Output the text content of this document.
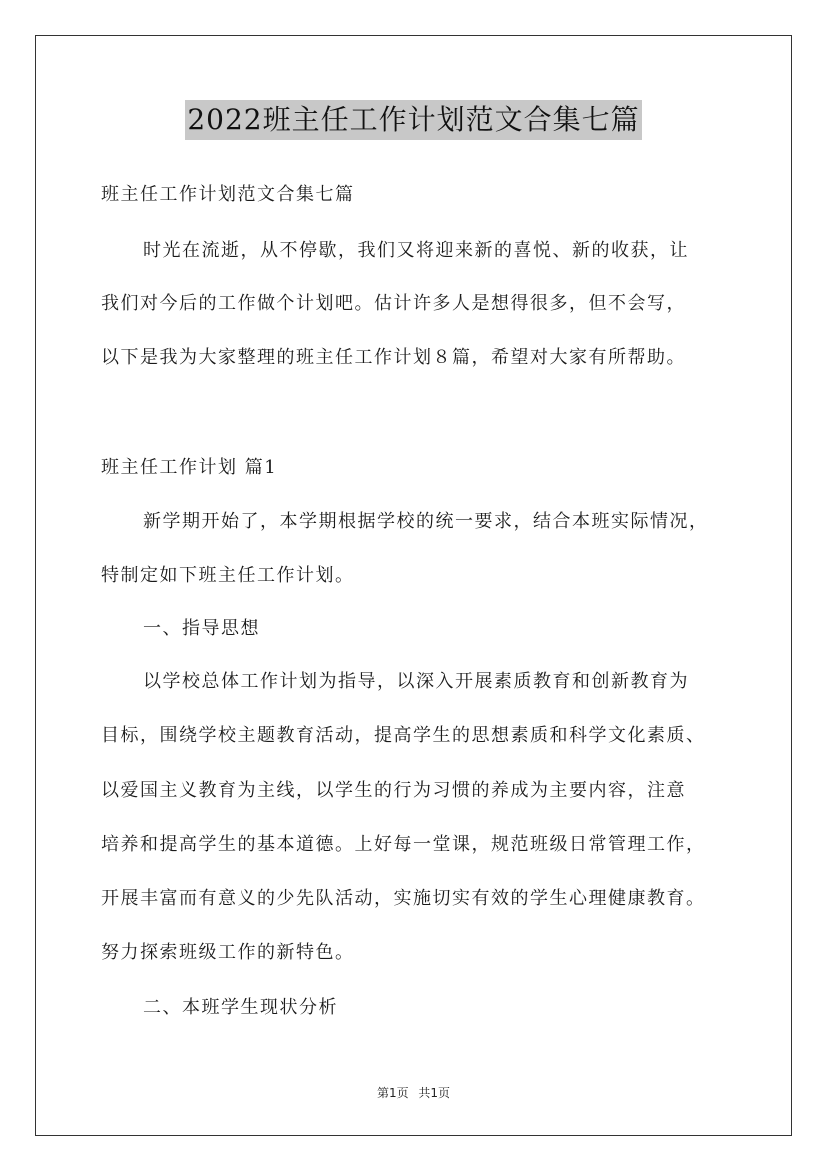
2022班主任工作计划范文合集七篇
班主任工作计划范文合集七篇
时光在流逝，从不停歇，我们又将迎来新的喜悦、新的收获，让
我们对今后的工作做个计划吧。估计许多人是想得很多，但不会写，
以下是我为大家整理的班主任工作计划８篇，希望对大家有所帮助。
班主任工作计划 篇1
新学期开始了，本学期根据学校的统一要求，结合本班实际情况，
特制定如下班主任工作计划。
一、指导思想
以学校总体工作计划为指导，以深入开展素质教育和创新教育为
目标，围绕学校主题教育活动，提高学生的思想素质和科学文化素质、
以爱国主义教育为主线，以学生的行为习惯的养成为主要内容，注意
培养和提高学生的基本道德。上好每一堂课，规范班级日常管理工作，
开展丰富而有意义的少先队活动，实施切实有效的学生心理健康教育。
努力探索班级工作的新特色。
二、本班学生现状分析
第1页 共1页
